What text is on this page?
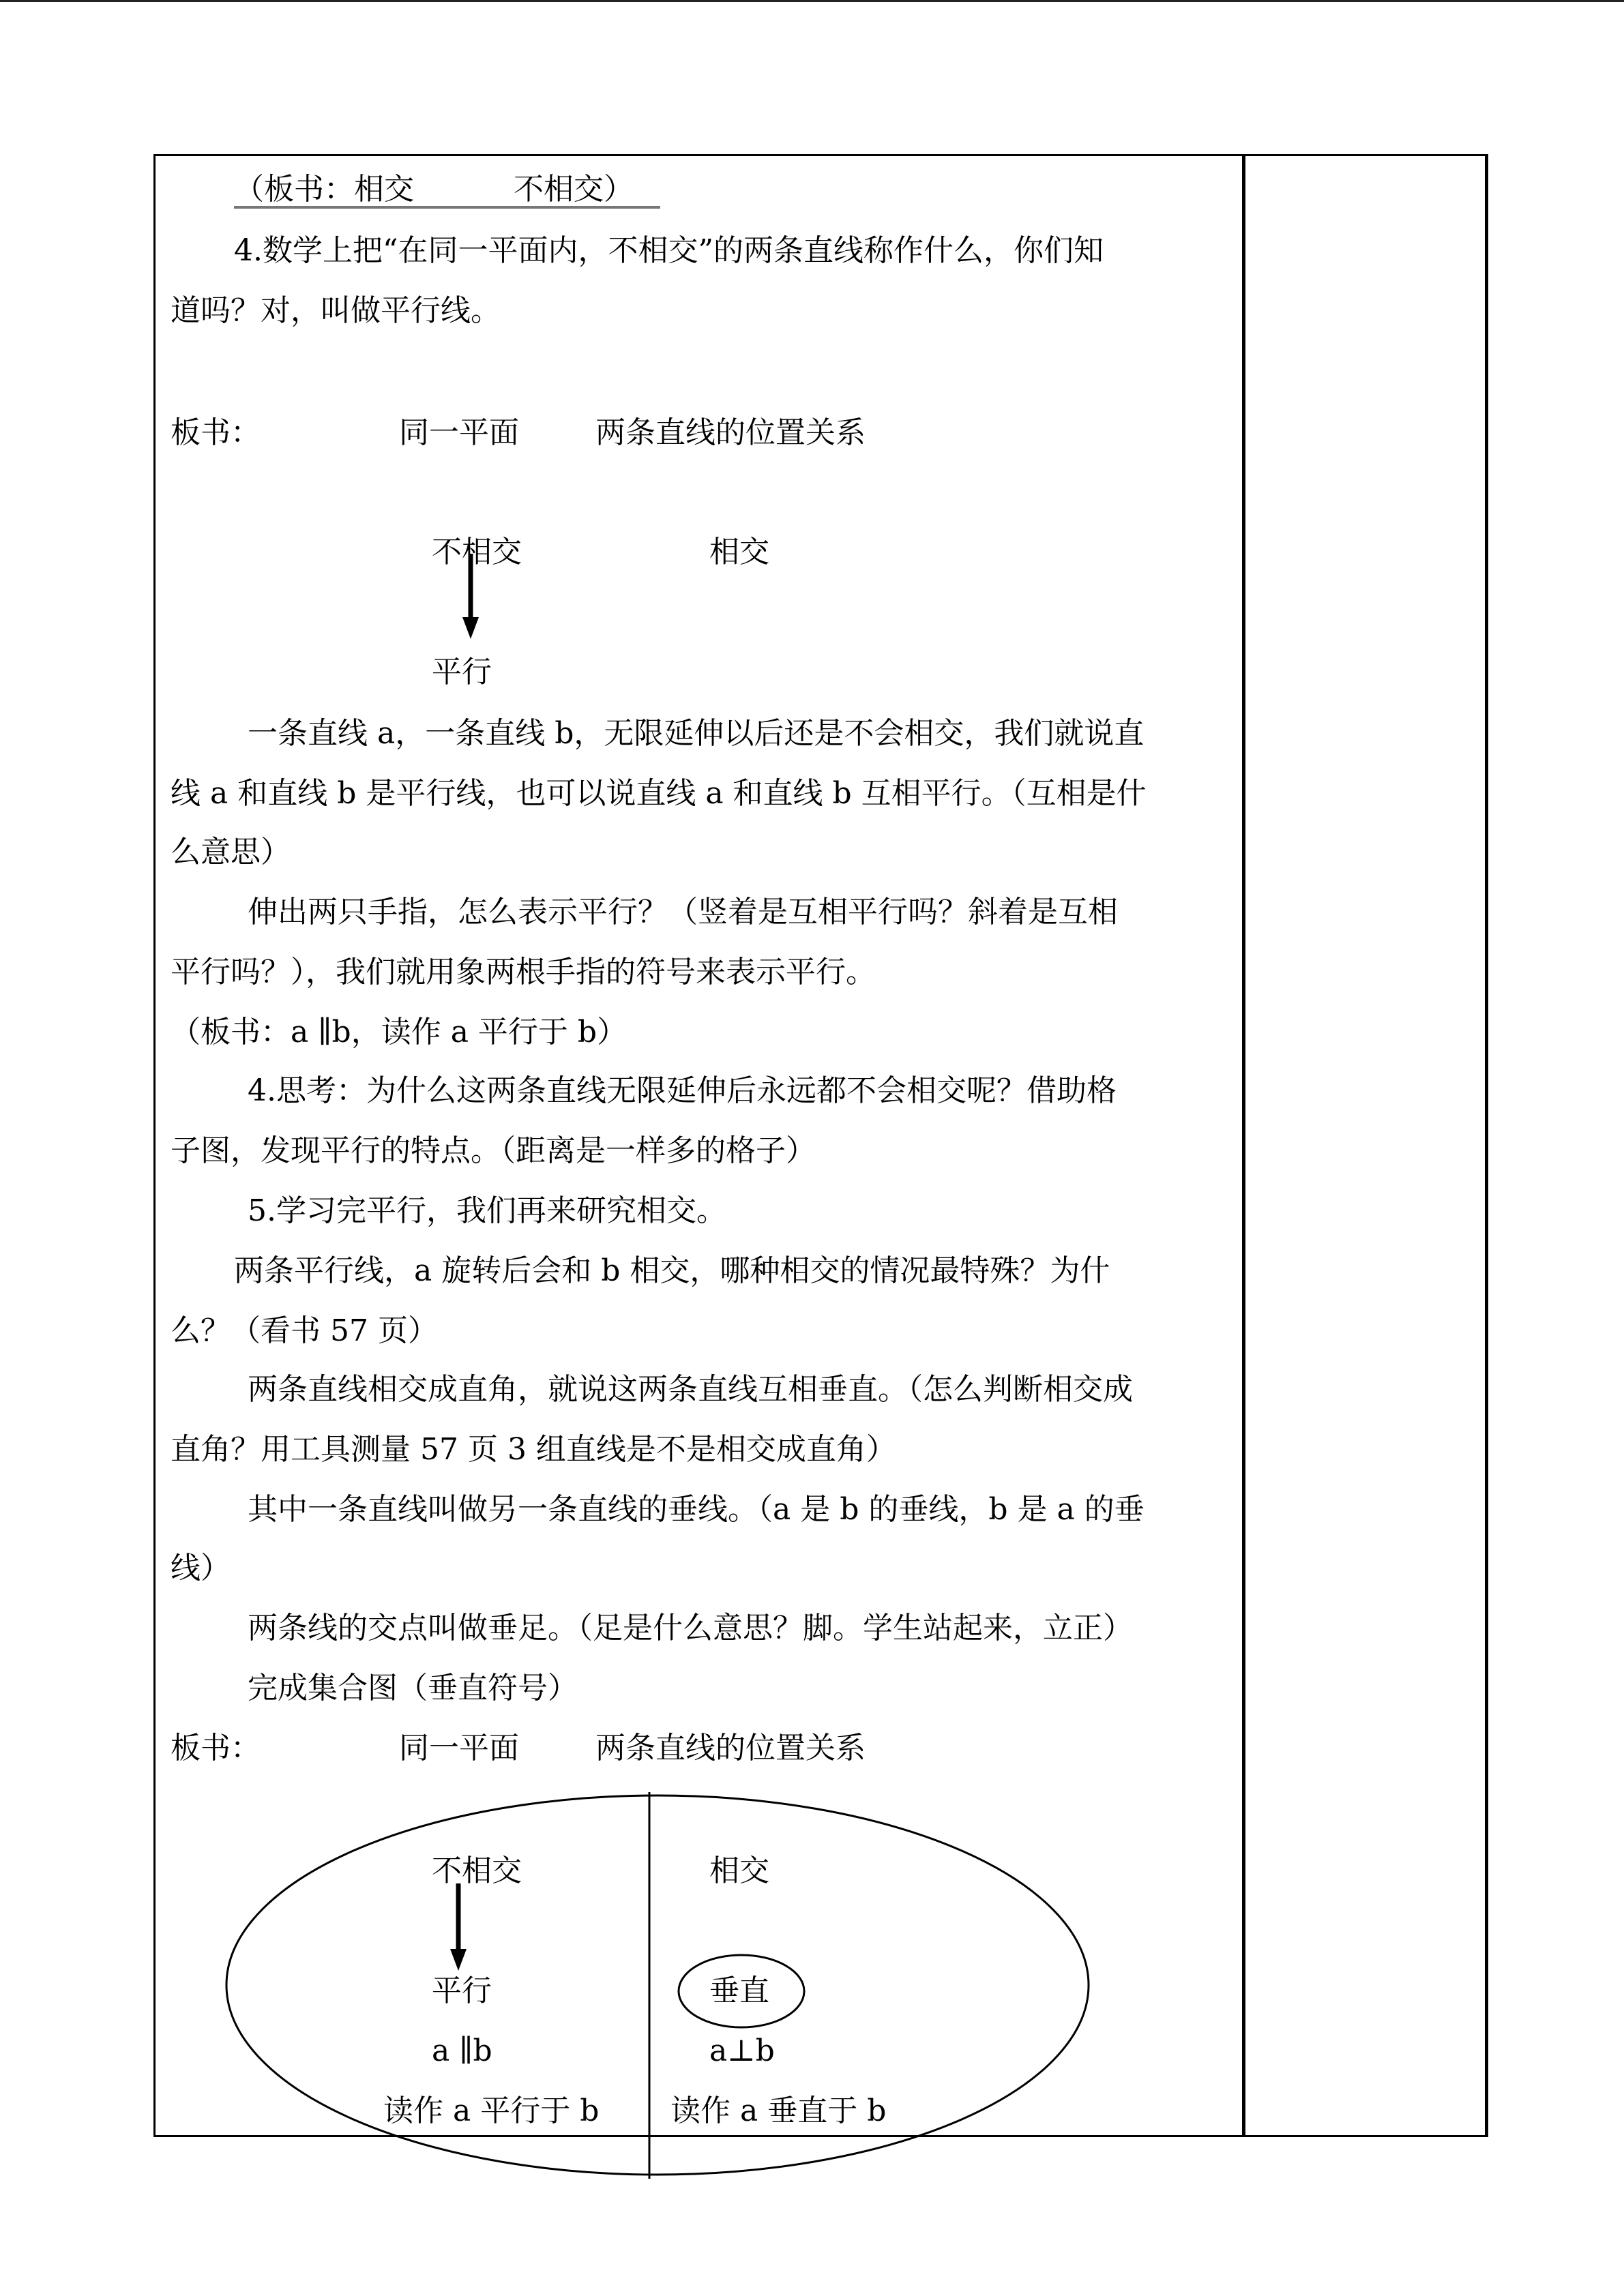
（板书：相交　　　 不相交）
4.数学上把“在同一平面内，不相交”的两条直线称作什么，你们知
道吗？对，叫做平行线。
板书：	同一平面	两条直线的位置关系
不相交	相交
平行
一条直线 a，一条直线 b，无限延伸以后还是不会相交，我们就说直
线 a 和直线 b 是平行线，也可以说直线 a 和直线 b 互相平行。（互相是什
么意思）
伸出两只手指，怎么表示平行？（竖着是互相平行吗？斜着是互相
平行吗？），我们就用象两根手指的符号来表示平行。
（板书：a ∥b，读作 a 平行于 b）
4.思考：为什么这两条直线无限延伸后永远都不会相交呢？借助格
子图，发现平行的特点。（距离是一样多的格子）
5.学习完平行，我们再来研究相交。
两条平行线，a 旋转后会和 b 相交，哪种相交的情况最特殊？为什
么？（看书 57 页）
两条直线相交成直角，就说这两条直线互相垂直。（怎么判断相交成
直角？用工具测量 57 页 3 组直线是不是相交成直角）
其中一条直线叫做另一条直线的垂线。（a 是 b 的垂线，b 是 a 的垂
线）
两条线的交点叫做垂足。（足是什么意思？脚。学生站起来，立正）
完成集合图（垂直符号）
板书：	同一平面	两条直线的位置关系
不相交	相交
平行	垂直
a ∥b	a⊥b
读作 a 平行于 b 读作 a 垂直于 b
